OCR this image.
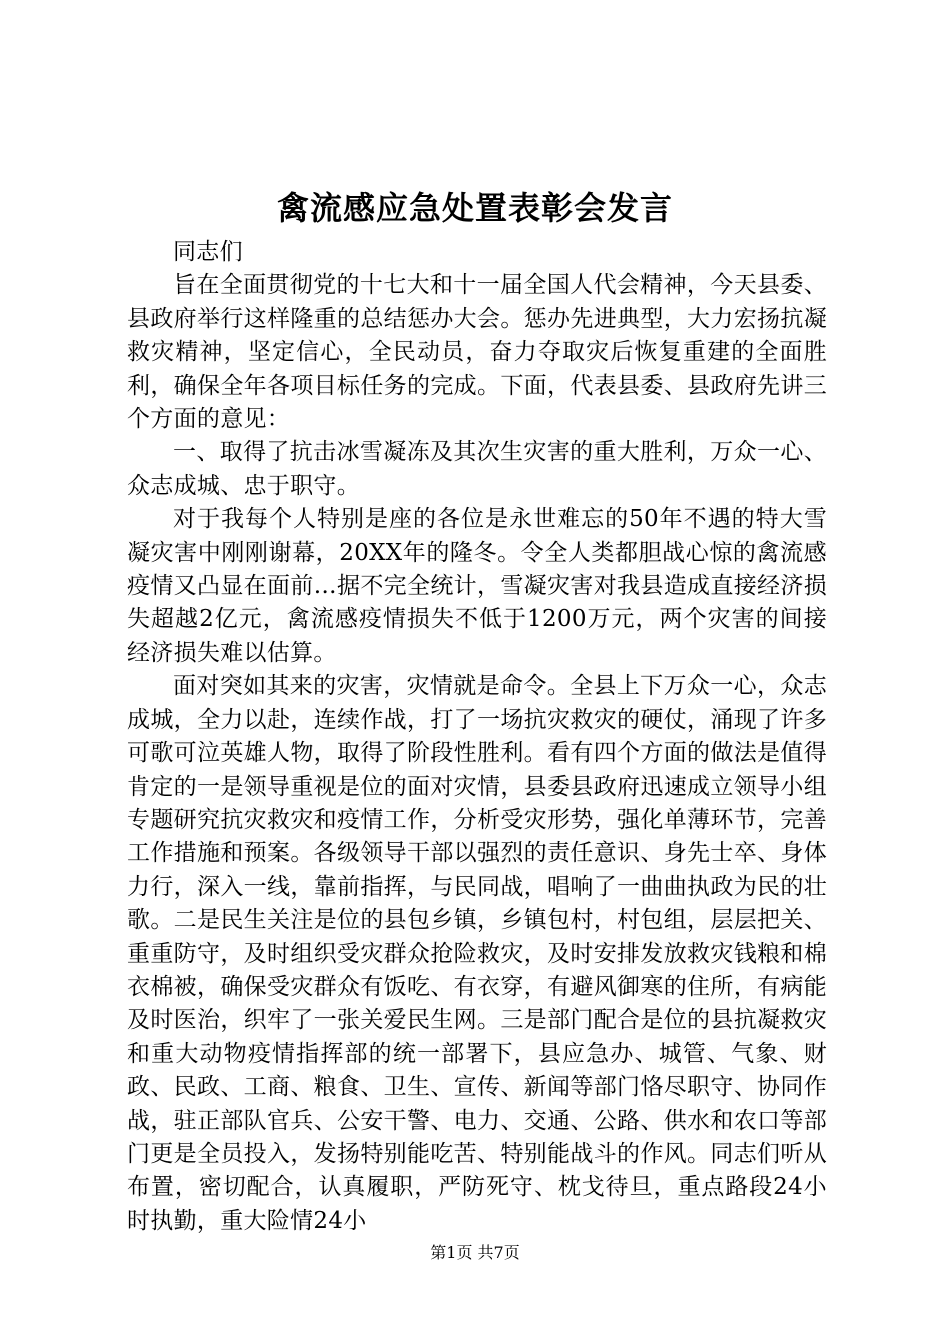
禽流感应急处置表彰会发言

同志们

旨在全面贯彻党的十七大和十一届全国人代会精神，今天县委、县政府举行这样隆重的总结惩办大会。惩办先进典型，大力宏扬抗凝救灾精神，坚定信心，全民动员，奋力夺取灾后恢复重建的全面胜利，确保全年各项目标任务的完成。下面，代表县委、县政府先讲三个方面的意见：

一、取得了抗击冰雪凝冻及其次生灾害的重大胜利，万众一心、众志成城、忠于职守。

对于我每个人特别是座的各位是永世难忘的50年不遇的特大雪凝灾害中刚刚谢幕，20XX年的隆冬。令全人类都胆战心惊的禽流感疫情又凸显在面前…据不完全统计，雪凝灾害对我县造成直接经济损失超越2亿元，禽流感疫情损失不低于1200万元，两个灾害的间接经济损失难以估算。

面对突如其来的灾害，灾情就是命令。全县上下万众一心，众志成城，全力以赴，连续作战，打了一场抗灾救灾的硬仗，涌现了许多可歌可泣英雄人物，取得了阶段性胜利。看有四个方面的做法是值得肯定的一是领导重视是位的面对灾情，县委县政府迅速成立领导小组专题研究抗灾救灾和疫情工作，分析受灾形势，强化单薄环节，完善工作措施和预案。各级领导干部以强烈的责任意识、身先士卒、身体力行，深入一线，靠前指挥，与民同战，唱响了一曲曲执政为民的壮歌。二是民生关注是位的县包乡镇，乡镇包村，村包组，层层把关、重重防守，及时组织受灾群众抢险救灾，及时安排发放救灾钱粮和棉衣棉被，确保受灾群众有饭吃、有衣穿，有避风御寒的住所，有病能及时医治，织牢了一张关爱民生网。三是部门配合是位的县抗凝救灾和重大动物疫情指挥部的统一部署下，县应急办、城管、气象、财政、民政、工商、粮食、卫生、宣传、新闻等部门恪尽职守、协同作战，驻正部队官兵、公安干警、电力、交通、公路、供水和农口等部门更是全员投入，发扬特别能吃苦、特别能战斗的作风。同志们听从布置，密切配合，认真履职，严防死守、枕戈待旦，重点路段24小时执勤，重大险情24小

第1页 共7页
